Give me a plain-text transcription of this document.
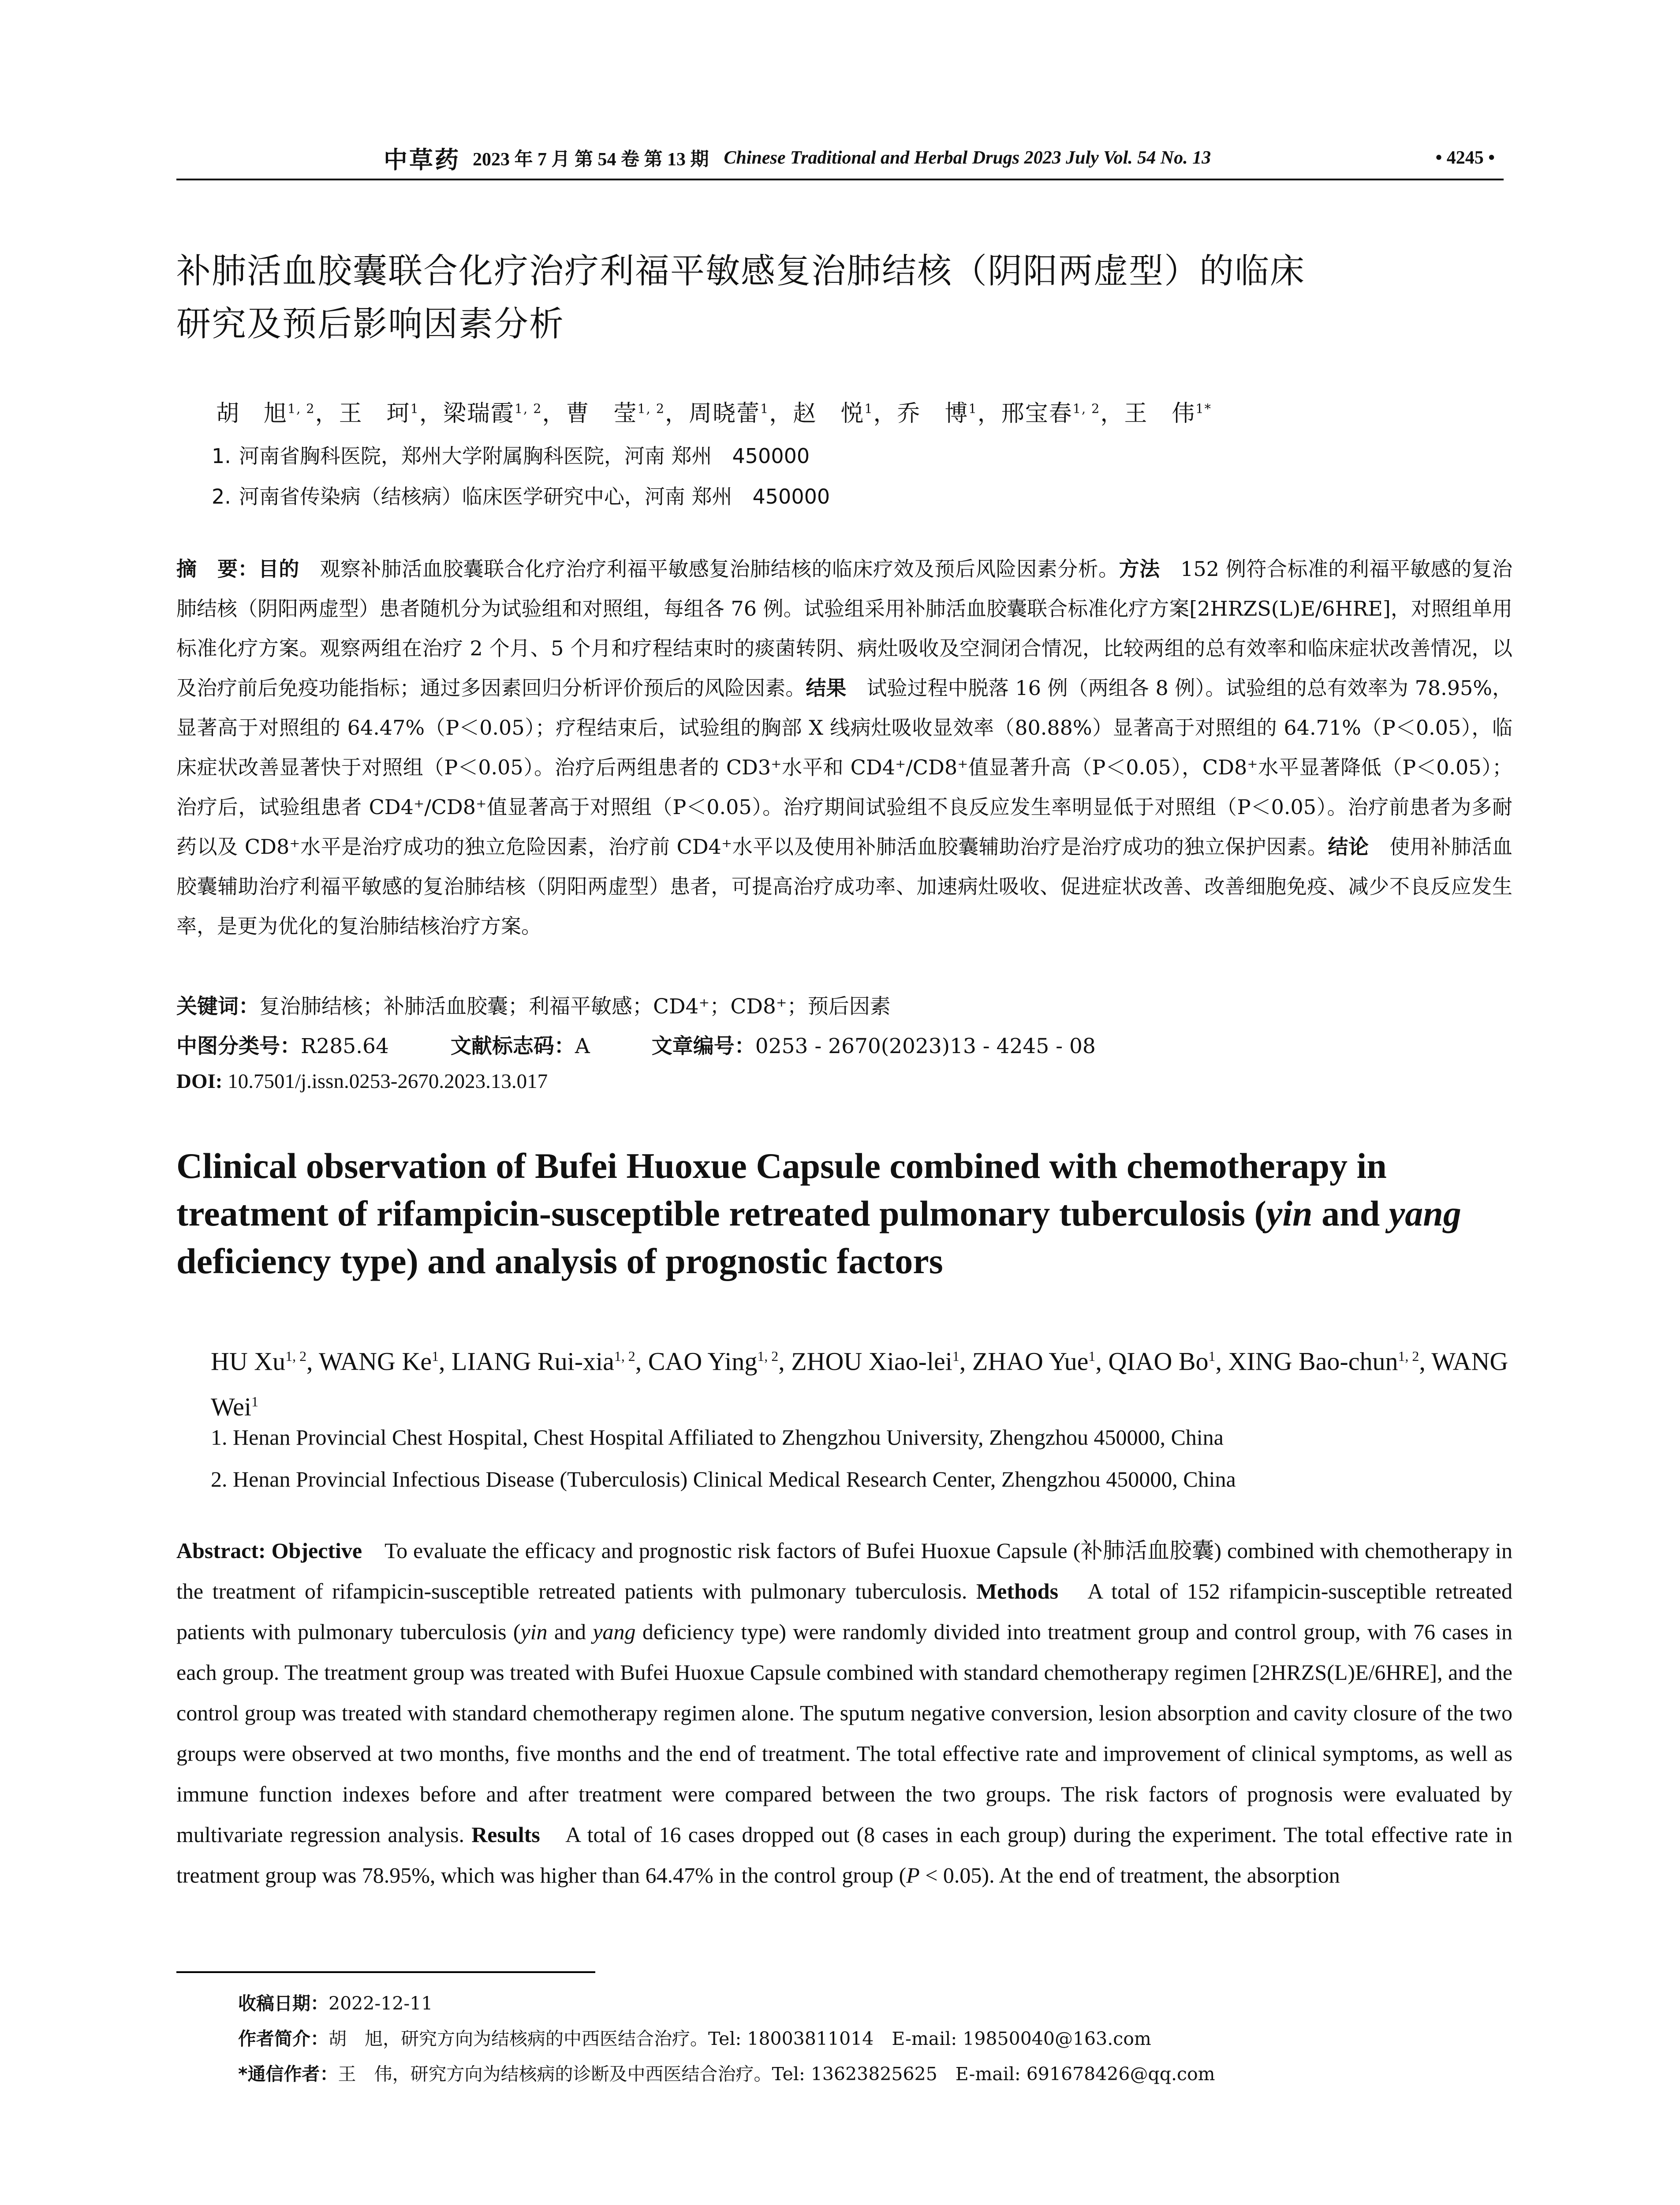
中草药 2023 年 7 月 第 54 卷 第 13 期 Chinese Traditional and Herbal Drugs 2023 July Vol. 54 No. 13	• 4245 •
补肺活血胶囊联合化疗治疗利福平敏感复治肺结核（阴阳两虚型）的临床
研究及预后影响因素分析
胡　旭$^{1, 2}$，王　珂$^1$，梁瑞霞$^{1, 2}$，曹　莹$^{1, 2}$，周晓蕾$^1$，赵　悦$^1$，乔　博$^1$，邢宝春$^{1, 2}$，王　伟$^{1*}$
1. 河南省胸科医院，郑州大学附属胸科医院，河南 郑州　450000
2. 河南省传染病（结核病）临床医学研究中心，河南 郑州　450000
摘　要：目的　观察补肺活血胶囊联合化疗治疗利福平敏感复治肺结核的临床疗效及预后风险因素分析。方法　152 例符合标准的利福平敏感的复治肺结核（阴阳两虚型）患者随机分为试验组和对照组，每组各 76 例。试验组采用补肺活血胶囊联合标准化疗方案[2HRZS(L)E/6HRE]，对照组单用标准化疗方案。观察两组在治疗 2 个月、5 个月和疗程结束时的痰菌转阴、病灶吸收及空洞闭合情况，比较两组的总有效率和临床症状改善情况，以及治疗前后免疫功能指标；通过多因素回归分析评价预后的风险因素。结果　试验过程中脱落 16 例（两组各 8 例）。试验组的总有效率为 78.95%，显著高于对照组的 64.47%（P＜0.05）；疗程结束后，试验组的胸部 X 线病灶吸收显效率（80.88%）显著高于对照组的 64.71%（P＜0.05），临床症状改善显著快于对照组（P＜0.05）。治疗后两组患者的 CD3⁺水平和 CD4⁺/CD8⁺值显著升高（P＜0.05），CD8⁺水平显著降低（P＜0.05）；治疗后，试验组患者 CD4⁺/CD8⁺值显著高于对照组（P＜0.05）。治疗期间试验组不良反应发生率明显低于对照组（P＜0.05）。治疗前患者为多耐药以及 CD8⁺水平是治疗成功的独立危险因素，治疗前 CD4⁺水平以及使用补肺活血胶囊辅助治疗是治疗成功的独立保护因素。结论　使用补肺活血胶囊辅助治疗利福平敏感的复治肺结核（阴阳两虚型）患者，可提高治疗成功率、加速病灶吸收、促进症状改善、改善细胞免疫、减少不良反应发生率，是更为优化的复治肺结核治疗方案。
关键词：复治肺结核；补肺活血胶囊；利福平敏感；CD4⁺；CD8⁺；预后因素
中图分类号：R285.64	文献标志码：A	文章编号：0253 - 2670(2023)13 - 4245 - 08
DOI: 10.7501/j.issn.0253-2670.2023.13.017
Clinical observation of Bufei Huoxue Capsule combined with chemotherapy in treatment of rifampicin-susceptible retreated pulmonary tuberculosis (yin and yang deficiency type) and analysis of prognostic factors
HU Xu$^{1, 2}$, WANG Ke$^1$, LIANG Rui-xia$^{1, 2}$, CAO Ying$^{1, 2}$, ZHOU Xiao-lei$^1$, ZHAO Yue$^1$, QIAO Bo$^1$, XING Bao-chun$^{1, 2}$, WANG Wei$^1$
1. Henan Provincial Chest Hospital, Chest Hospital Affiliated to Zhengzhou University, Zhengzhou 450000, China
2. Henan Provincial Infectious Disease (Tuberculosis) Clinical Medical Research Center, Zhengzhou 450000, China
Abstract: Objective　To evaluate the efficacy and prognostic risk factors of Bufei Huoxue Capsule (补肺活血胶囊) combined with chemotherapy in the treatment of rifampicin-susceptible retreated patients with pulmonary tuberculosis. Methods　A total of 152 rifampicin-susceptible retreated patients with pulmonary tuberculosis (yin and yang deficiency type) were randomly divided into treatment group and control group, with 76 cases in each group. The treatment group was treated with Bufei Huoxue Capsule combined with standard chemotherapy regimen [2HRZS(L)E/6HRE], and the control group was treated with standard chemotherapy regimen alone. The sputum negative conversion, lesion absorption and cavity closure of the two groups were observed at two months, five months and the end of treatment. The total effective rate and improvement of clinical symptoms, as well as immune function indexes before and after treatment were compared between the two groups. The risk factors of prognosis were evaluated by multivariate regression analysis. Results　A total of 16 cases dropped out (8 cases in each group) during the experiment. The total effective rate in treatment group was 78.95%, which was higher than 64.47% in the control group (P < 0.05). At the end of treatment, the absorption
收稿日期：2022-12-11
作者简介：胡　旭，研究方向为结核病的中西医结合治疗。Tel: 18003811014　E-mail: 19850040@163.com
*通信作者：王　伟，研究方向为结核病的诊断及中西医结合治疗。Tel: 13623825625　E-mail: 691678426@qq.com
